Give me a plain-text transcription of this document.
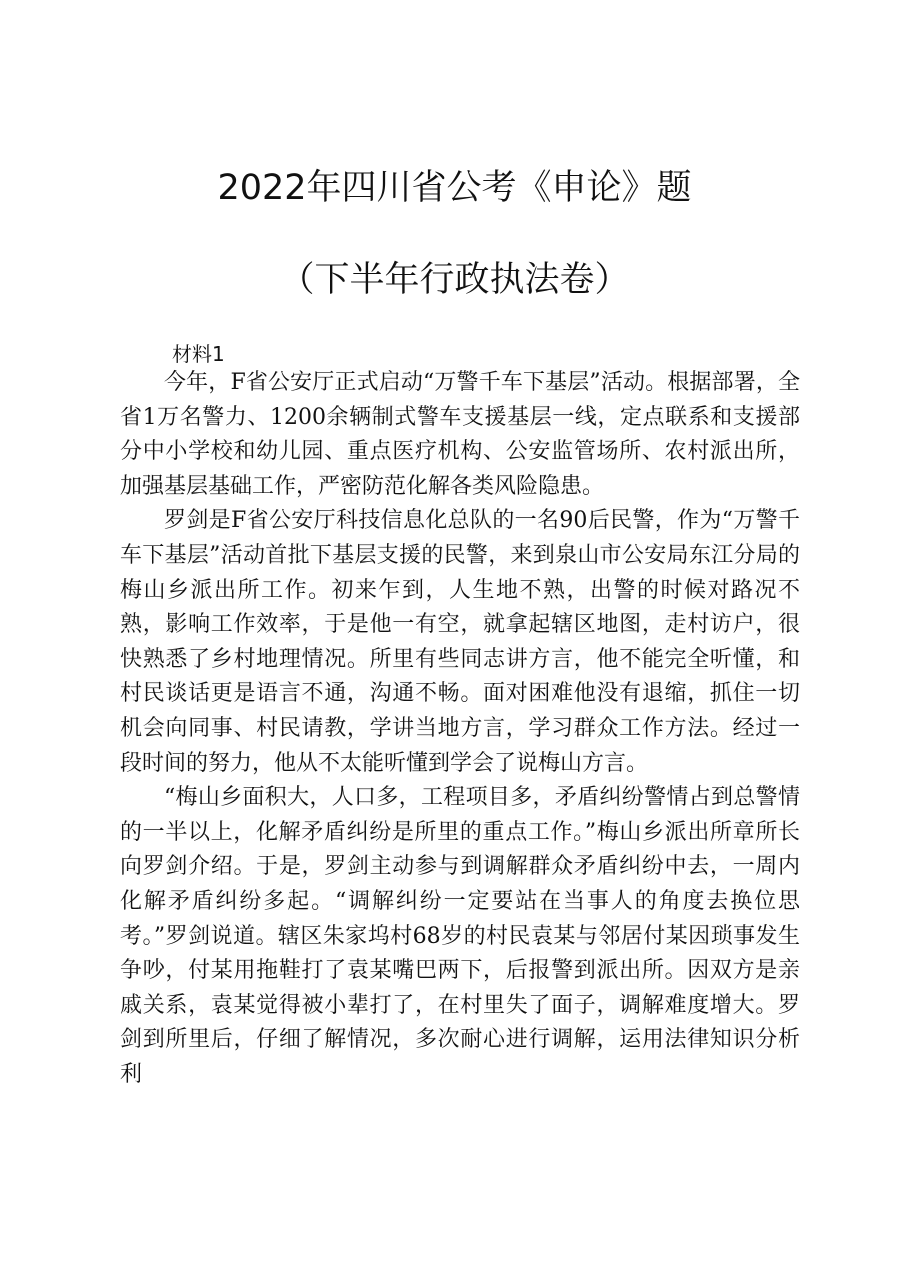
2022年四川省公考《申论》题
（下半年行政执法卷）
材料1

今年，F省公安厅正式启动“万警千车下基层”活动。根据部署，全省1万名警力、1200余辆制式警车支援基层一线，定点联系和支援部分中小学校和幼儿园、重点医疗机构、公安监管场所、农村派出所，加强基层基础工作，严密防范化解各类风险隐患。

罗剑是F省公安厅科技信息化总队的一名90后民警，作为“万警千车下基层”活动首批下基层支援的民警，来到泉山市公安局东江分局的梅山乡派出所工作。初来乍到，人生地不熟，出警的时候对路况不熟，影响工作效率，于是他一有空，就拿起辖区地图，走村访户，很快熟悉了乡村地理情况。所里有些同志讲方言，他不能完全听懂，和村民谈话更是语言不通，沟通不畅。面对困难他没有退缩，抓住一切机会向同事、村民请教，学讲当地方言，学习群众工作方法。经过一段时间的努力，他从不太能听懂到学会了说梅山方言。

“梅山乡面积大，人口多，工程项目多，矛盾纠纷警情占到总警情的一半以上，化解矛盾纠纷是所里的重点工作。”梅山乡派出所章所长向罗剑介绍。于是，罗剑主动参与到调解群众矛盾纠纷中去，一周内化解矛盾纠纷多起。“调解纠纷一定要站在当事人的角度去换位思考。”罗剑说道。辖区朱家坞村68岁的村民袁某与邻居付某因琐事发生争吵，付某用拖鞋打了袁某嘴巴两下，后报警到派出所。因双方是亲戚关系，袁某觉得被小辈打了，在村里失了面子，调解难度增大。罗剑到所里后，仔细了解情况，多次耐心进行调解，运用法律知识分析利
